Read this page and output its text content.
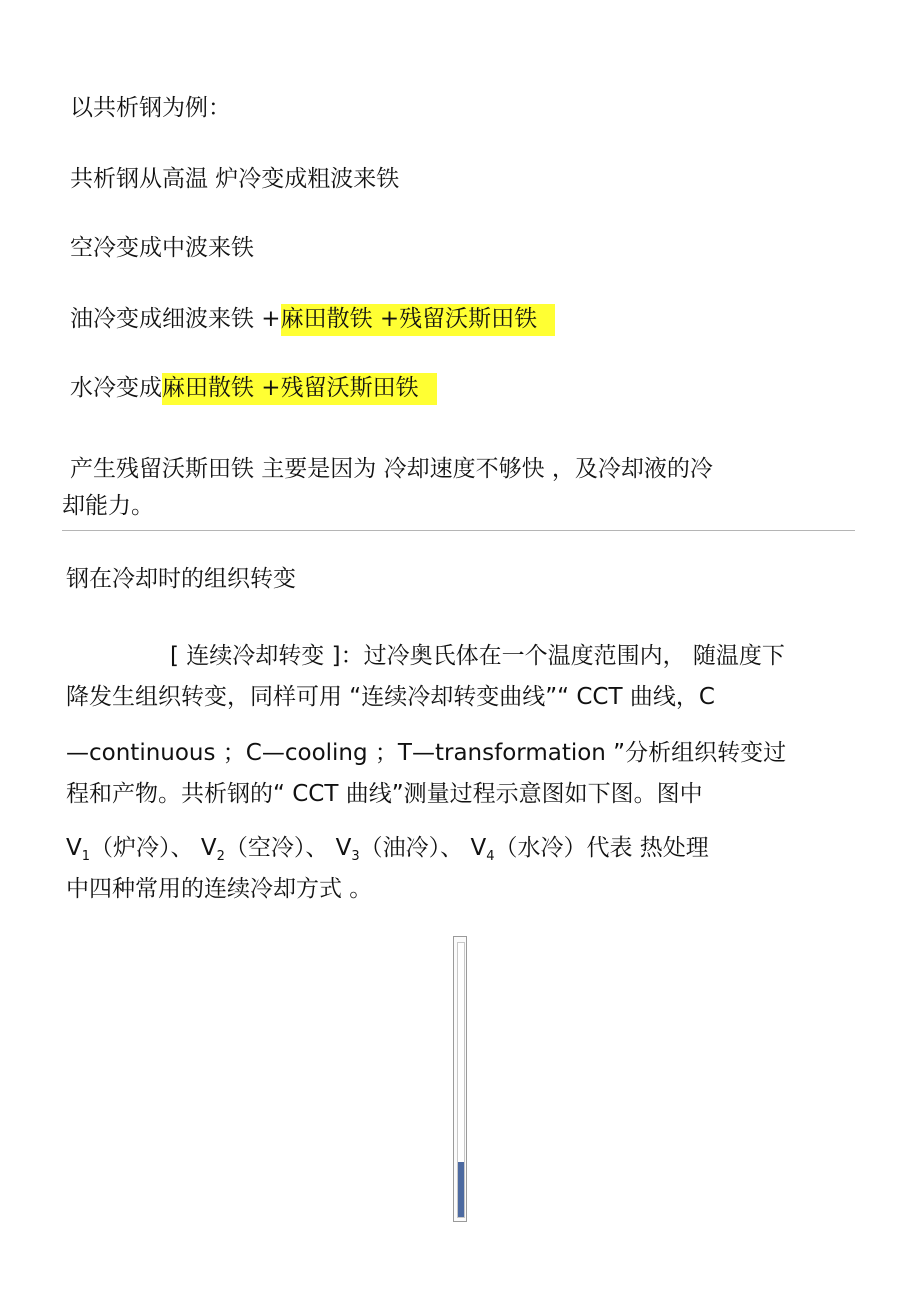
以共析钢为例：
共析钢从高温 炉冷变成粗波来铁
空冷变成中波来铁
油冷变成细波来铁 +麻田散铁 +残留沃斯田铁
水冷变成麻田散铁 +残留沃斯田铁
产生残留沃斯田铁 主要是因为 冷却速度不够快 ，及冷却液的冷
却能力。
钢在冷却时的组织转变
[ 连续冷却转变 ]：过冷奥氏体在一个温度范围内， 随温度下
降发生组织转变，同样可用 “连续冷却转变曲线”“ CCT 曲线，C
—continuous ；C—cooling ；T—transformation ”分析组织转变过
程和产物。共析钢的“ CCT 曲线”测量过程示意图如下图。图中
$V_1$（炉冷）、 $V_2$（空冷）、 $V_3$（油冷）、 $V_4$（水冷）代表 热处理
中四种常用的连续冷却方式 。
